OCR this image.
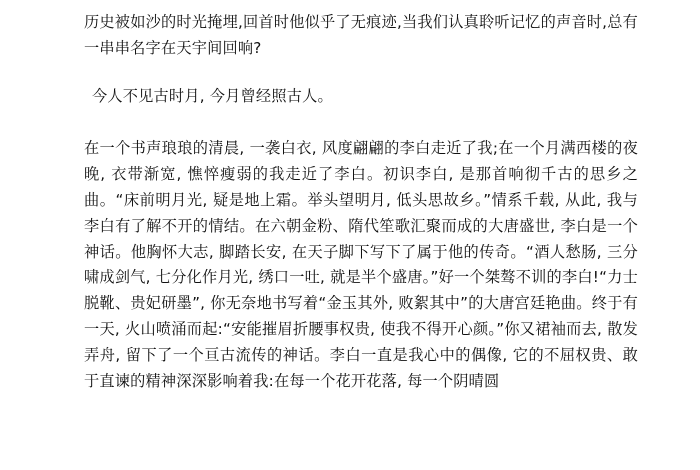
历史被如沙的时光掩埋,回首时他似乎了无痕迹,当我们认真聆听记忆的声音时,总有一串串名字在天宇间回响?

今人不见古时月, 今月曾经照古人。

在一个书声琅琅的清晨, 一袭白衣, 风度翩翩的李白走近了我;在一个月满西楼的夜晚, 衣带渐宽, 憔悴瘦弱的我走近了李白。初识李白, 是那首响彻千古的思乡之曲。“床前明月光, 疑是地上霜。举头望明月, 低头思故乡。”情系千载, 从此, 我与李白有了解不开的情结。在六朝金粉、隋代笙歌汇聚而成的大唐盛世, 李白是一个神话。他胸怀大志, 脚踏长安, 在天子脚下写下了属于他的传奇。“酒人愁肠, 三分啸成剑气, 七分化作月光, 绣口一吐, 就是半个盛唐。”好一个桀骜不训的李白!“力士脱靴、贵妃研墨”, 你无奈地书写着“金玉其外, 败絮其中”的大唐宫廷艳曲。终于有一天, 火山喷涌而起:“安能摧眉折腰事权贵, 使我不得开心颜。”你又裙袖而去, 散发弄舟, 留下了一个亘古流传的神话。李白一直是我心中的偶像, 它的不屈权贵、敢于直谏的精神深深影响着我:在每一个花开花落, 每一个阴晴圆
